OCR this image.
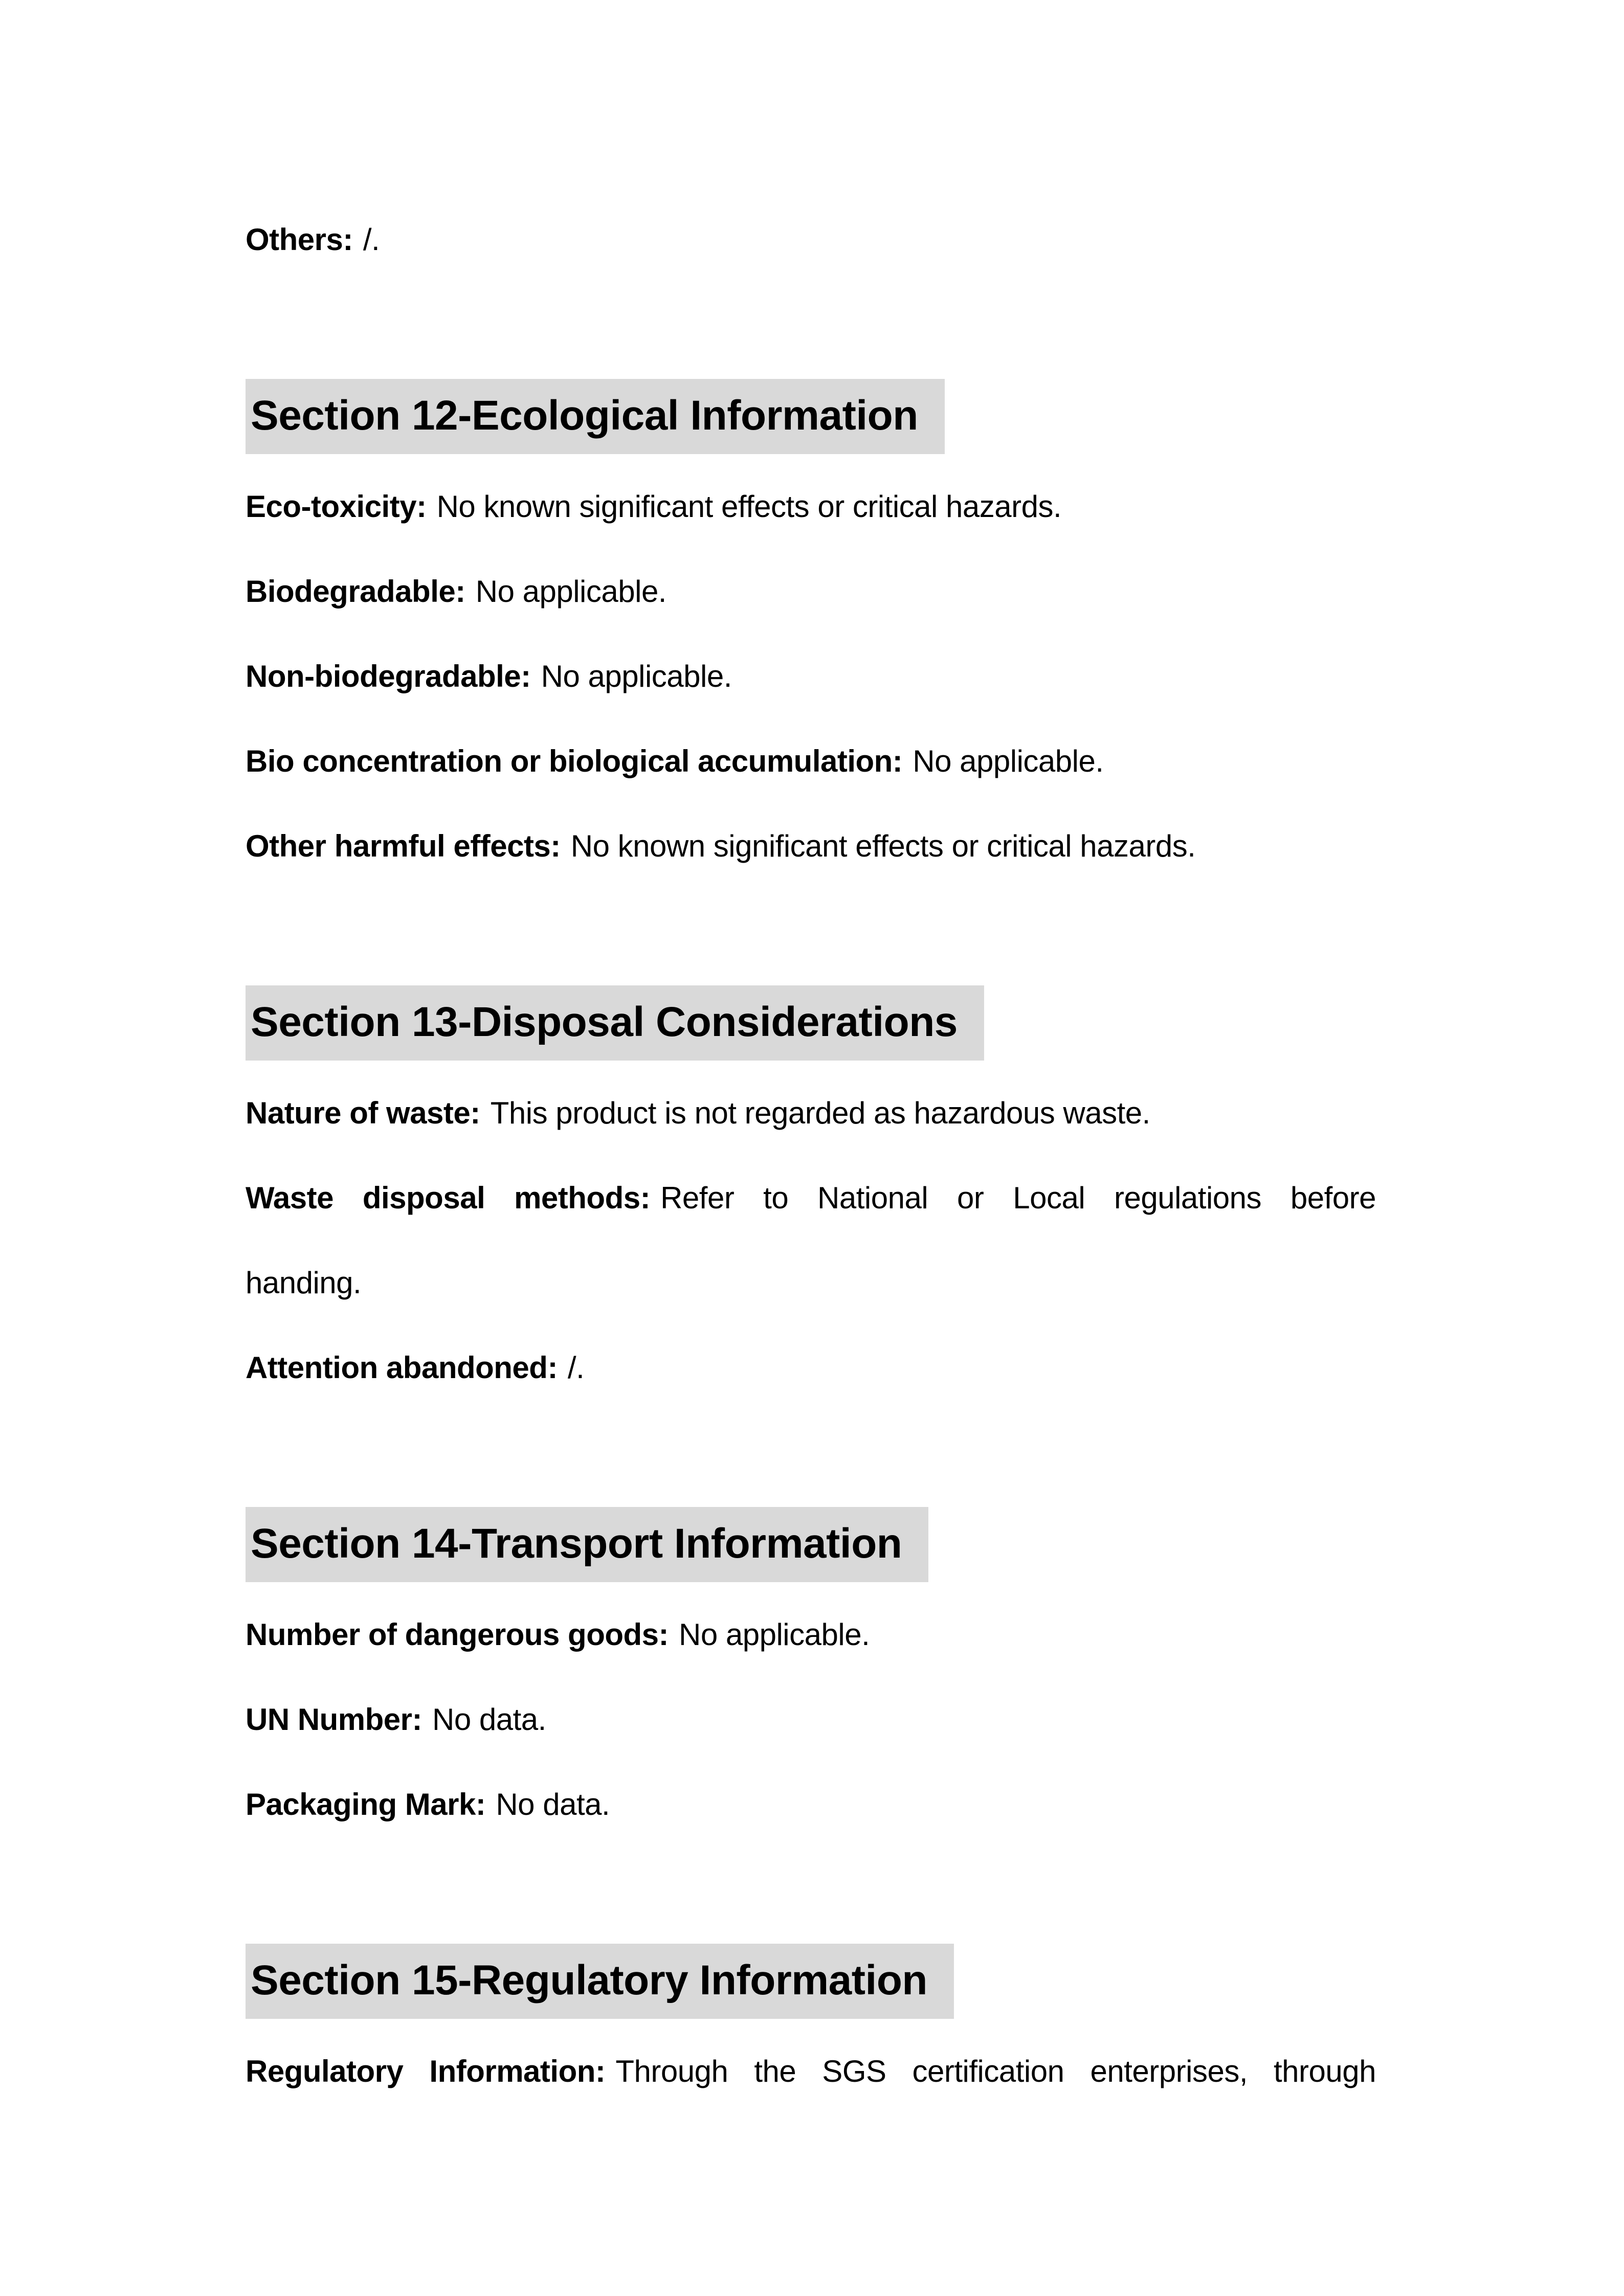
Others: /.

Section 12-Ecological Information

Eco-toxicity: No known significant effects or critical hazards.

Biodegradable: No applicable.

Non-biodegradable: No applicable.

Bio concentration or biological accumulation: No applicable.

Other harmful effects: No known significant effects or critical hazards.

Section 13-Disposal Considerations

Nature of waste: This product is not regarded as hazardous waste.

Waste disposal methods: Refer to National or Local regulations before
handing.

Attention abandoned: /.

Section 14-Transport Information

Number of dangerous goods: No applicable.

UN Number: No data.

Packaging Mark: No data.

Section 15-Regulatory Information

Regulatory Information: Through the SGS certification enterprises, through
